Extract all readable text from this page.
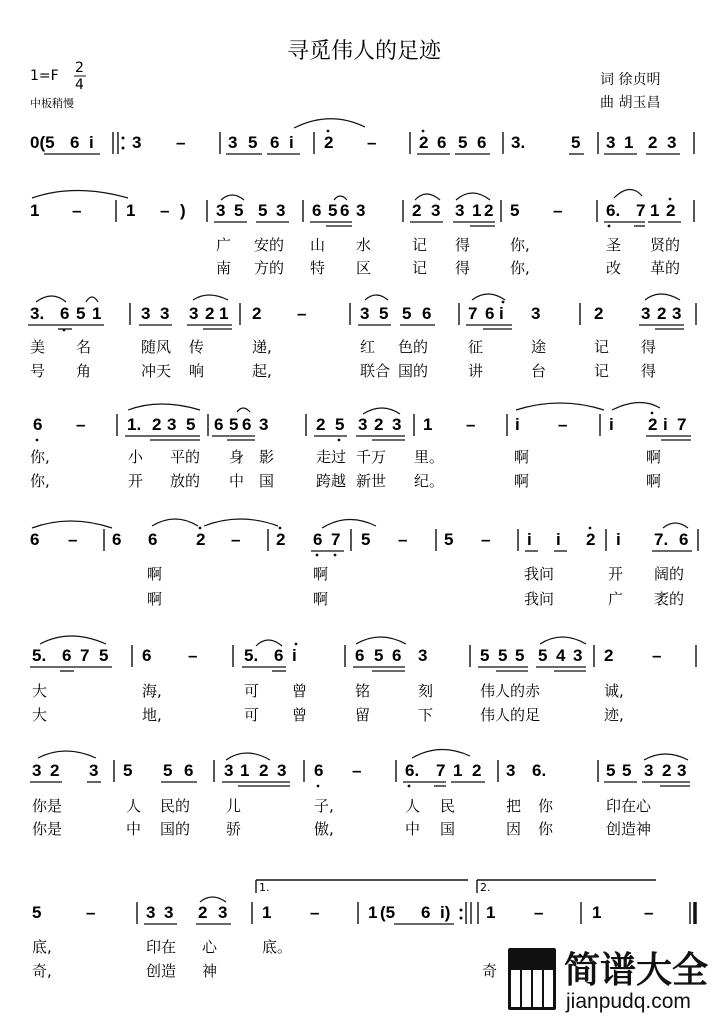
寻觅伟人的足迹
1=F 2
4
中板稍慢
词 徐贞明
曲 胡玉昌
0(5 6 i 3 –	3 5 6 i 2 –	2 6 5 6 3.	5 3 1 2 3
1 –	1 – ) 3 5 5 3 6 5 6 3	2 3 3 1 2 5 –	6. 7 1 2
广 安的 山 水	记 得	你,	圣 贤的
南 方的 特 区	记 得	你,	改 革的
3. 6 5 1 3 3 3 2 1 2 –	3 5 5 6 7 6 i 3	2 3 2 3
美 名	随风 传	递,	红 色的	征	途	记 得
号 角	冲天 响	起,	联合 国的	讲	台	记 得
6 – 1. 2 3 5 6 5 6 3	2 5 3 2 3 1 – i – i 2 i 7
你,	小 平的 身 影	走过 千万 里。	啊	啊
你,	开 放的 中 国	跨越 新世 纪。	啊	啊
6 – 6 6 2 – 2 6 7 5 – 5 – i i 2 i 7. 6
啊	啊	我问	开 阔的
啊	啊	我问	广 袤的
5. 6 7 5 6 –	5. 6 i	6 5 6 3	5 5 5 5 4 3 2 –
大	海,	可 曾	铭	刻	伟人的赤	诚,
大	地,	可 曾	留	下	伟人的足	迹,
3 2 3 5 5 6 3 1 2 3 6 –	6. 7 1 2 3 6.	5 5 3 2 3
你是	人 民的 儿	子,	人 民	把 你	印在心
你是	中 国的 骄	傲,	中 国	因 你	创造神
1.	2.
5	–	3 3 2 3 1 –	1 (5 6 i) 1 –	1	–
底,	印在 心	底。
奇,	创造 神	奇 简谱大全
jianpudq.com
